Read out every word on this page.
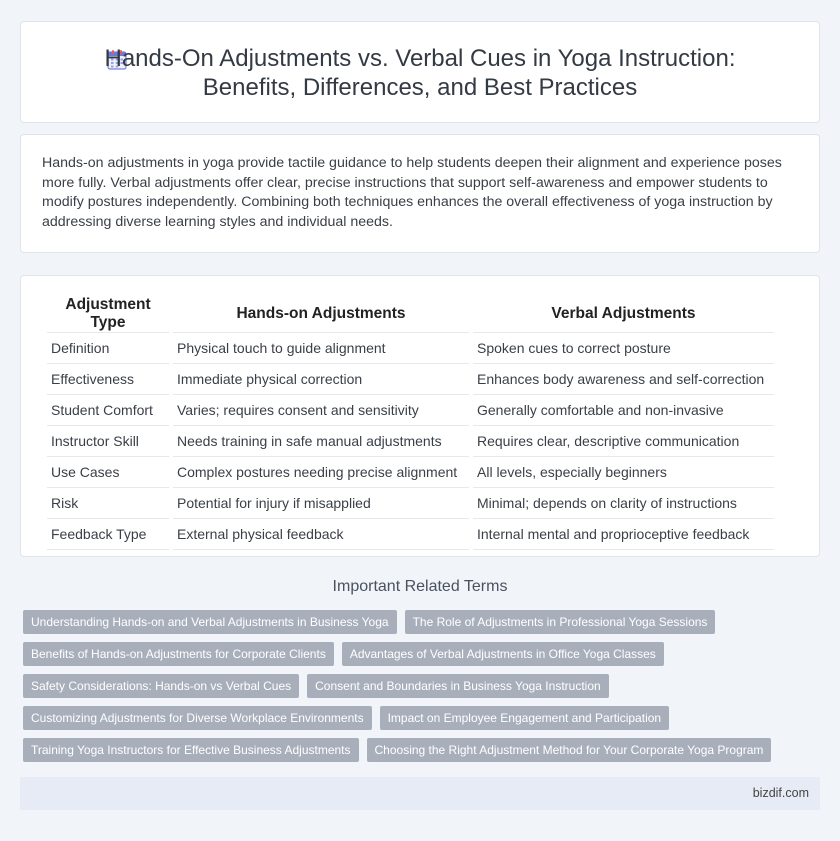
Hands-On Adjustments vs. Verbal Cues in Yoga Instruction:
Benefits, Differences, and Best Practices

Hands-on adjustments in yoga provide tactile guidance to help students deepen their alignment and experience poses more fully. Verbal adjustments offer clear, precise instructions that support self-awareness and empower students to modify postures independently. Combining both techniques enhances the overall effectiveness of yoga instruction by addressing diverse learning styles and individual needs.

Adjustment Type	Hands-on Adjustments	Verbal Adjustments
Definition	Physical touch to guide alignment	Spoken cues to correct posture
Effectiveness	Immediate physical correction	Enhances body awareness and self-correction
Student Comfort	Varies; requires consent and sensitivity	Generally comfortable and non-invasive
Instructor Skill	Needs training in safe manual adjustments	Requires clear, descriptive communication
Use Cases	Complex postures needing precise alignment	All levels, especially beginners
Risk	Potential for injury if misapplied	Minimal; depends on clarity of instructions
Feedback Type	External physical feedback	Internal mental and proprioceptive feedback
Important Related Terms
Understanding Hands-on and Verbal Adjustments in Business Yoga	The Role of Adjustments in Professional Yoga Sessions
Benefits of Hands-on Adjustments for Corporate Clients	Advantages of Verbal Adjustments in Office Yoga Classes
Safety Considerations: Hands-on vs Verbal Cues	Consent and Boundaries in Business Yoga Instruction
Customizing Adjustments for Diverse Workplace Environments	Impact on Employee Engagement and Participation
Training Yoga Instructors for Effective Business Adjustments	Choosing the Right Adjustment Method for Your Corporate Yoga Program
bizdif.com
